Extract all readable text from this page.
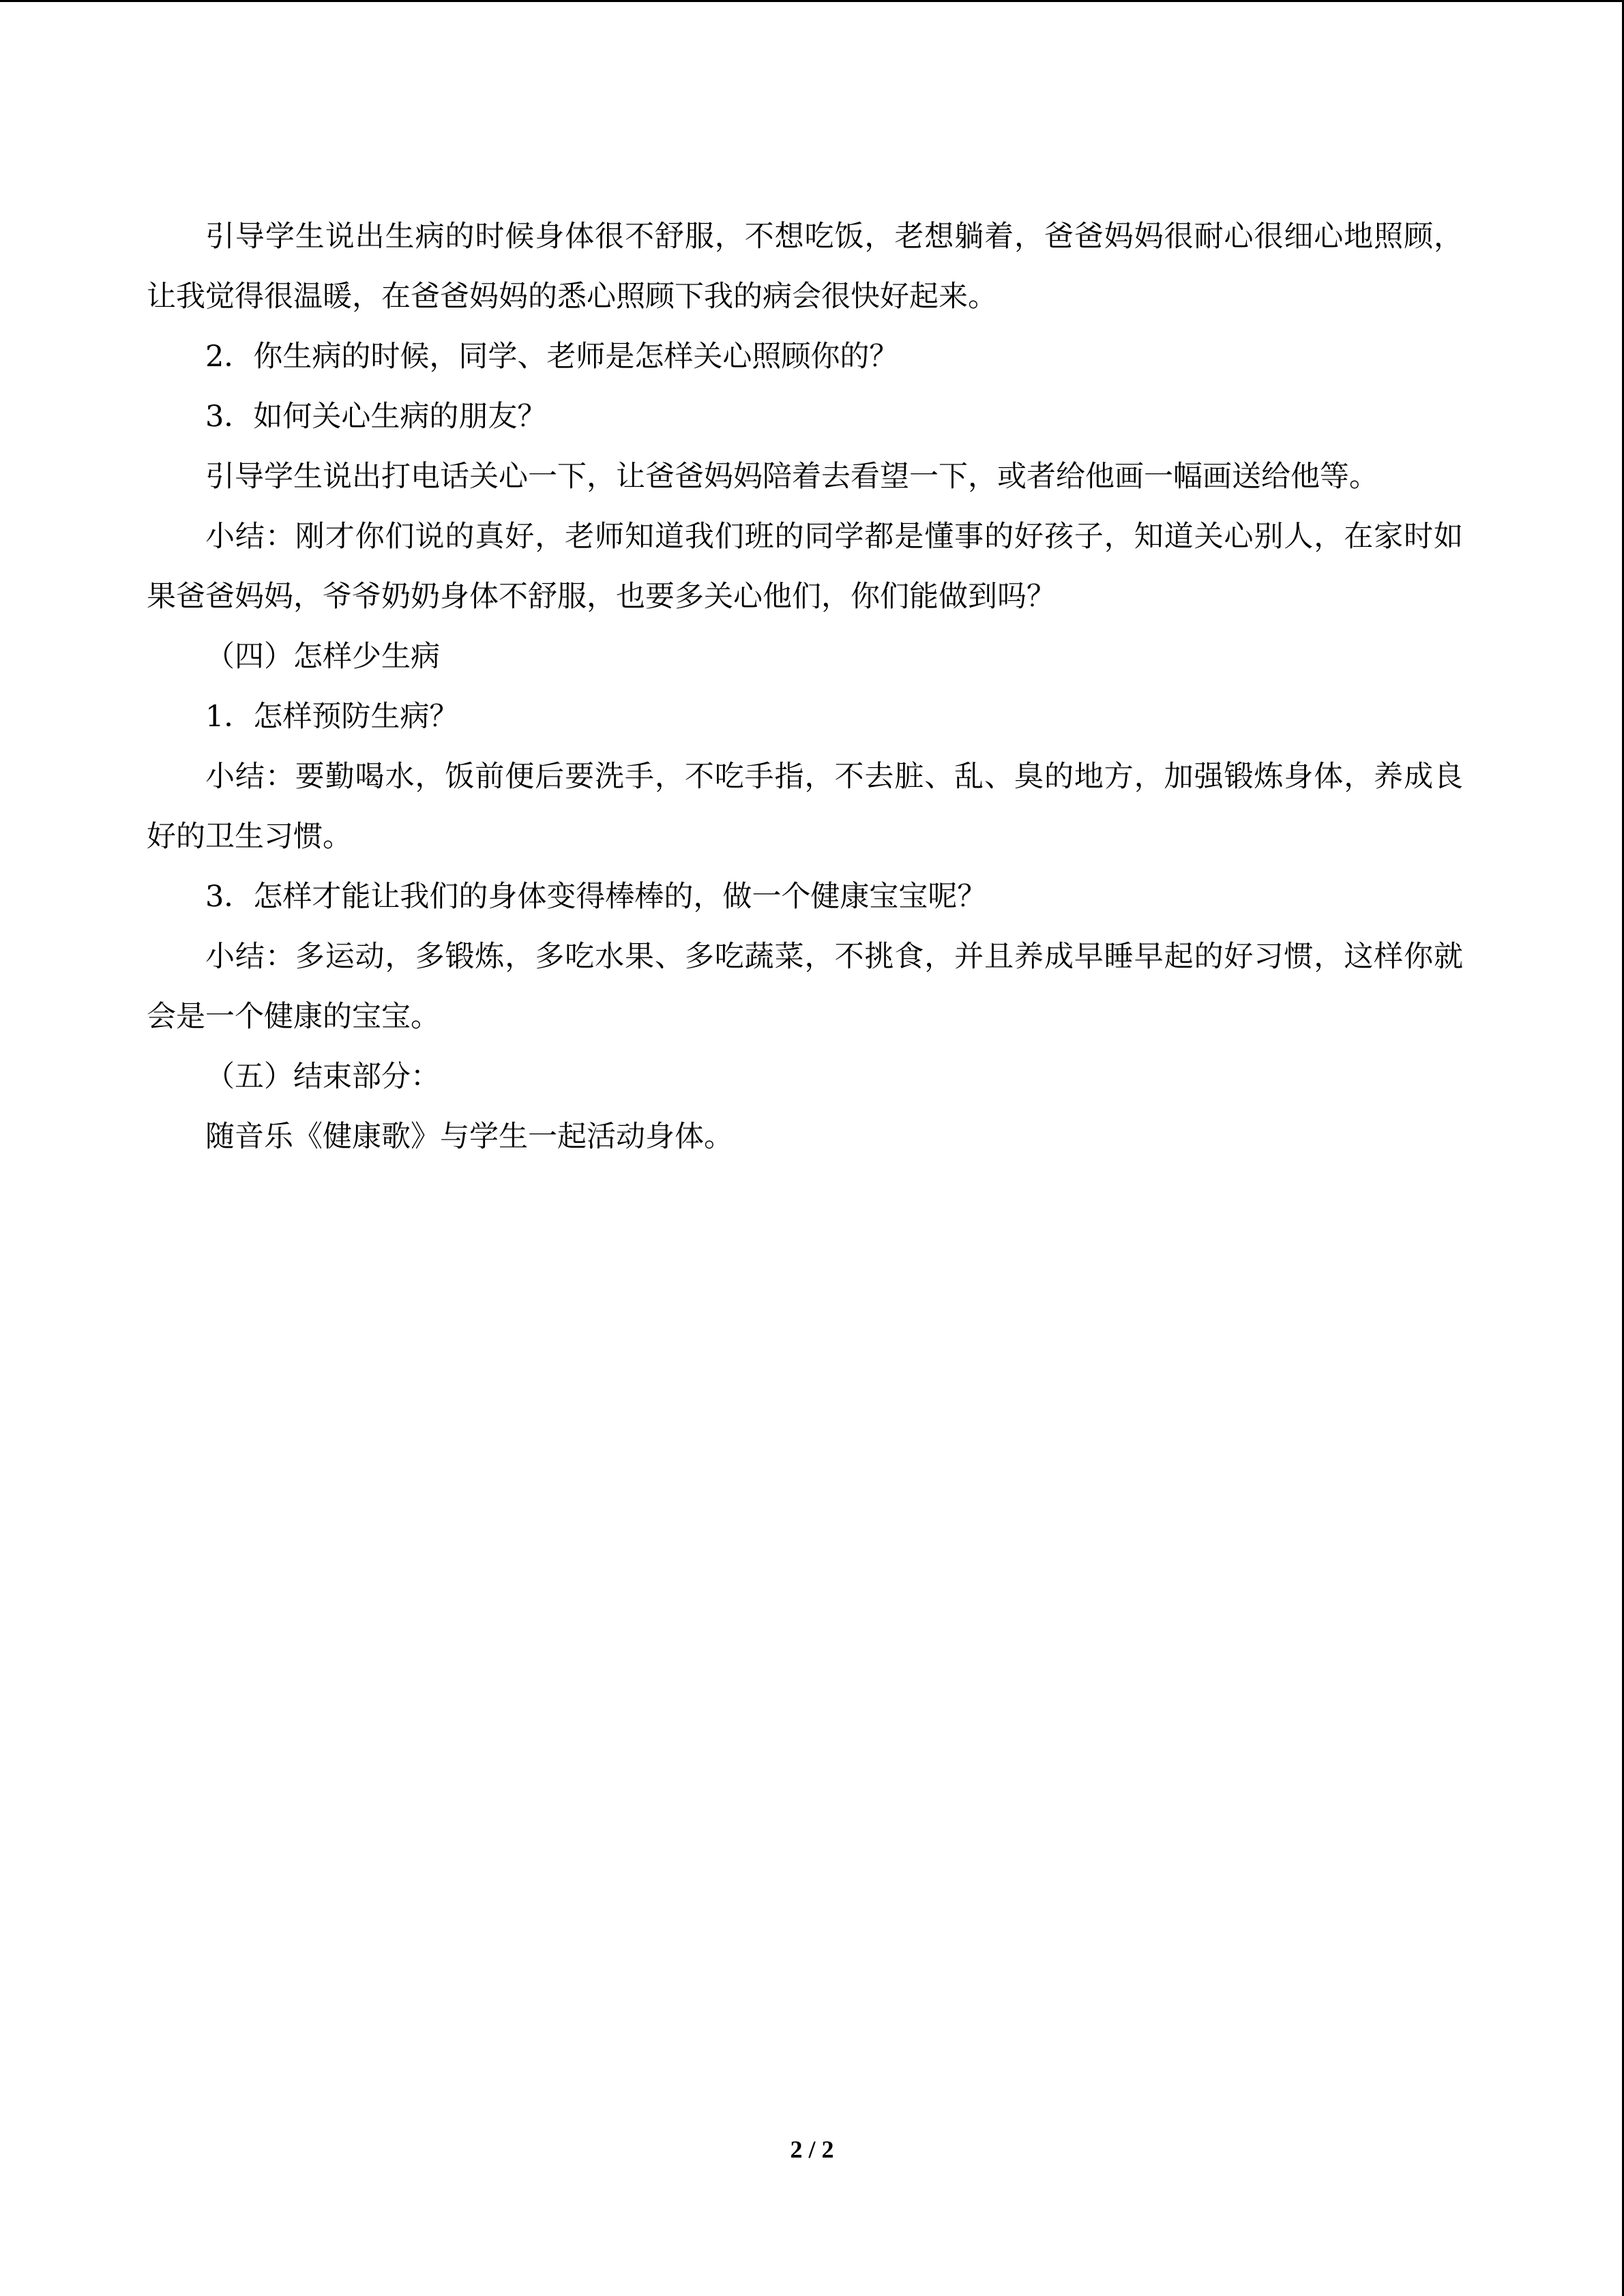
引导学生说出生病的时候身体很不舒服，不想吃饭，老想躺着，爸爸妈妈很耐心很细心地照顾，让我觉得很温暖，在爸爸妈妈的悉心照顾下我的病会很快好起来。

2．你生病的时候，同学、老师是怎样关心照顾你的？

3．如何关心生病的朋友？

引导学生说出打电话关心一下，让爸爸妈妈陪着去看望一下，或者给他画一幅画送给他等。

小结：刚才你们说的真好，老师知道我们班的同学都是懂事的好孩子，知道关心别人，在家时如果爸爸妈妈，爷爷奶奶身体不舒服，也要多关心他们，你们能做到吗？

（四）怎样少生病

1．怎样预防生病？

小结：要勤喝水，饭前便后要洗手，不吃手指，不去脏、乱、臭的地方，加强锻炼身体，养成良好的卫生习惯。

3．怎样才能让我们的身体变得棒棒的，做一个健康宝宝呢？

小结：多运动，多锻炼，多吃水果、多吃蔬菜，不挑食，并且养成早睡早起的好习惯，这样你就会是一个健康的宝宝。

（五）结束部分：

随音乐《健康歌》与学生一起活动身体。

2 / 2
